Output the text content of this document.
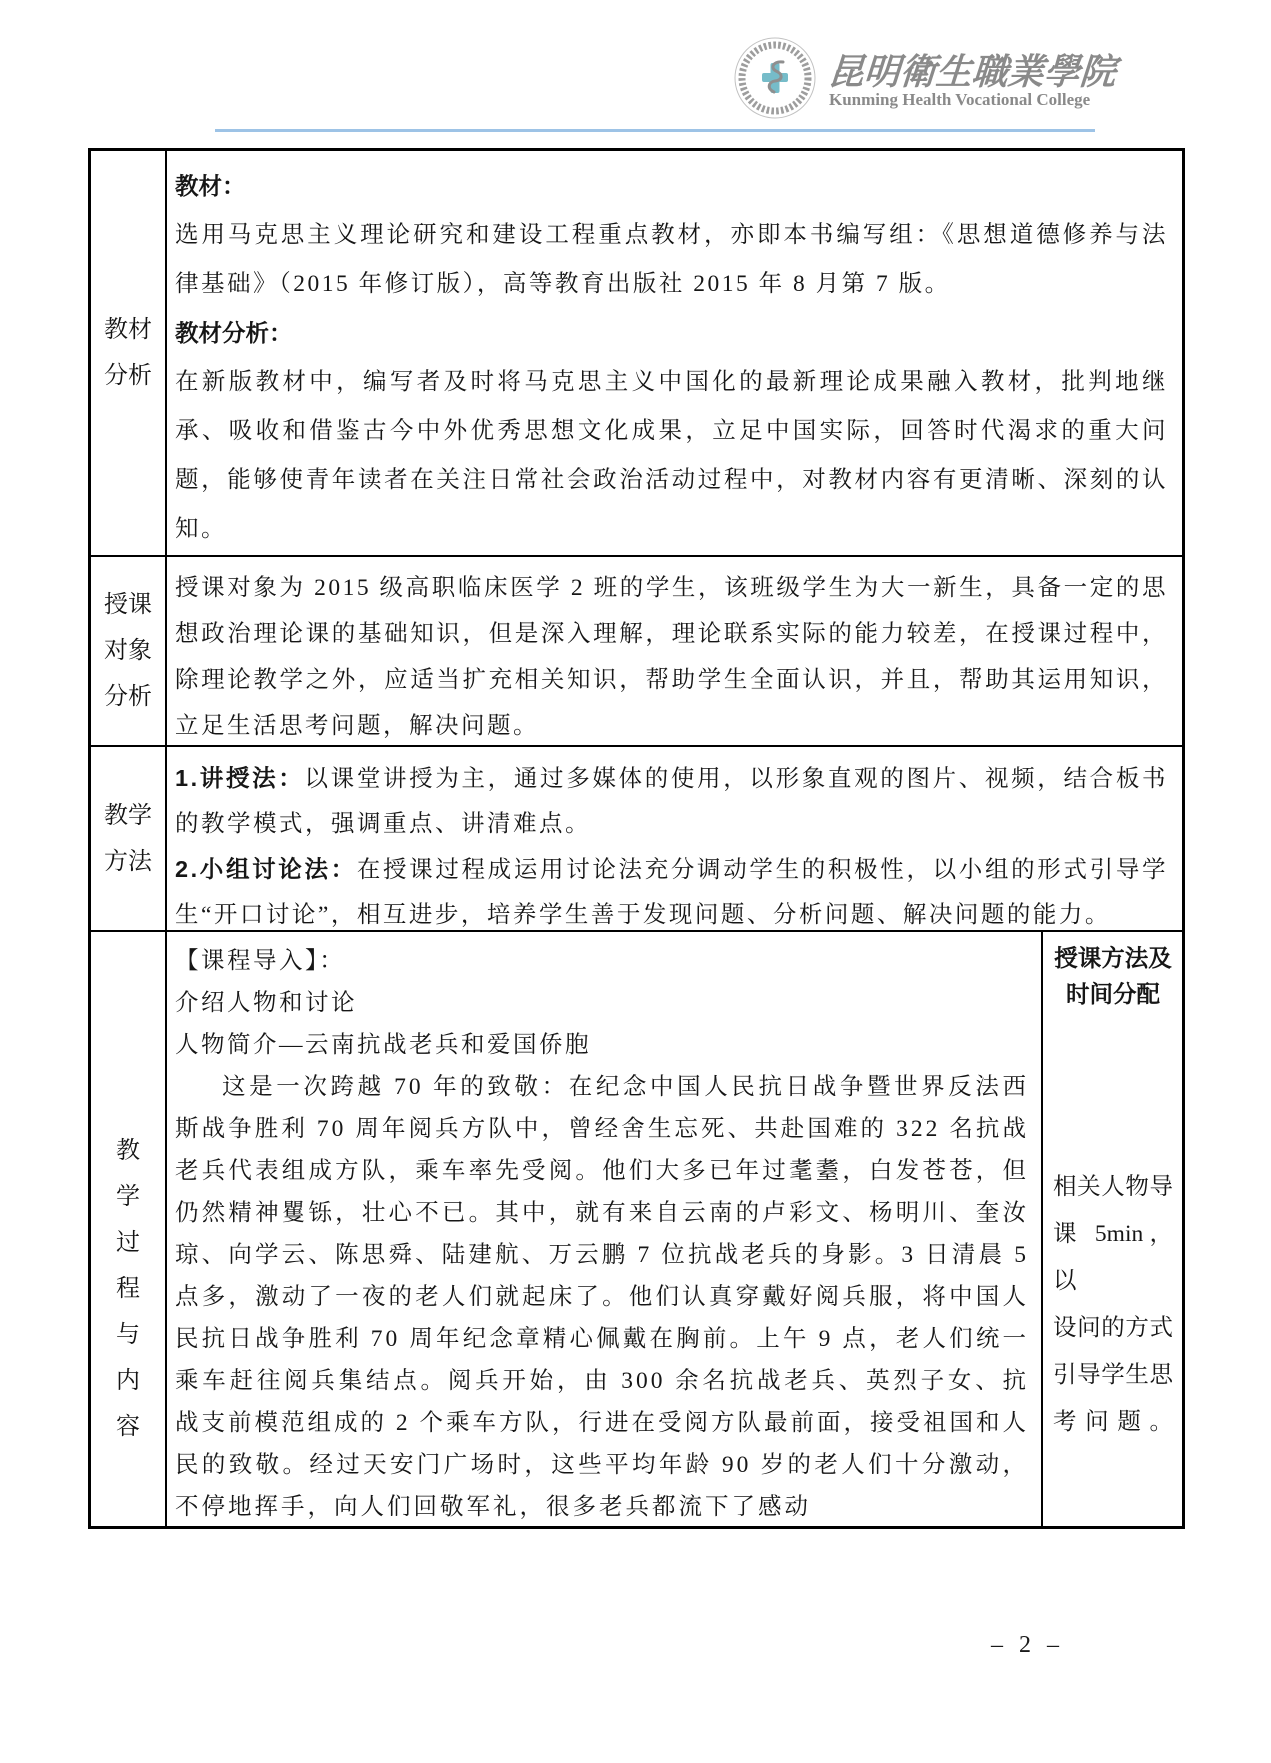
昆明衛生職業學院
Kunming Health Vocational College
教材
分析
教材：

选用马克思主义理论研究和建设工程重点教材，亦即本书编写组：《思想道德修养与法律基础》（2015 年修订版），高等教育出版社 2015 年 8 月第 7 版。

教材分析：

在新版教材中，编写者及时将马克思主义中国化的最新理论成果融入教材，批判地继承、吸收和借鉴古今中外优秀思想文化成果，立足中国实际，回答时代渴求的重大问题，能够使青年读者在关注日常社会政治活动过程中，对教材内容有更清晰、深刻的认知。

授课
对象
分析

授课对象为 2015 级高职临床医学 2 班的学生，该班级学生为大一新生，具备一定的思想政治理论课的基础知识，但是深入理解，理论联系实际的能力较差，在授课过程中，除理论教学之外，应适当扩充相关知识，帮助学生全面认识，并且，帮助其运用知识，立足生活思考问题，解决问题。

教学
方法

1.讲授法：以课堂讲授为主，通过多媒体的使用，以形象直观的图片、视频，结合板书的教学模式，强调重点、讲清难点。

2.小组讨论法：在授课过程成运用讨论法充分调动学生的积极性，以小组的形式引导学生“开口讨论”，相互进步，培养学生善于发现问题、分析问题、解决问题的能力。

教
学
过
程
与
内
容
【课程导入】：
介绍人物和讨论
人物简介—云南抗战老兵和爱国侨胞

这是一次跨越 70 年的致敬：在纪念中国人民抗日战争暨世界反法西斯战争胜利 70 周年阅兵方队中，曾经舍生忘死、共赴国难的 322 名抗战老兵代表组成方队，乘车率先受阅。他们大多已年过耄耋，白发苍苍，但仍然精神矍铄，壮心不已。其中，就有来自云南的卢彩文、杨明川、奎汝琼、向学云、陈思舜、陆建航、万云鹏 7 位抗战老兵的身影。3 日清晨 5 点多，激动了一夜的老人们就起床了。他们认真穿戴好阅兵服，将中国人民抗日战争胜利 70 周年纪念章精心佩戴在胸前。上午 9 点，老人们统一乘车赶往阅兵集结点。阅兵开始，由 300 余名抗战老兵、英烈子女、抗战支前模范组成的 2 个乘车方队，行进在受阅方队最前面，接受祖国和人民的致敬。经过天安门广场时，这些平均年龄 90 岁的老人们十分激动，不停地挥手，向人们回敬军礼，很多老兵都流下了感动

授课方法及时间分配
相关人物导
课 5min，以
设问的方式
引导学生思
考问题。
– 2 –
